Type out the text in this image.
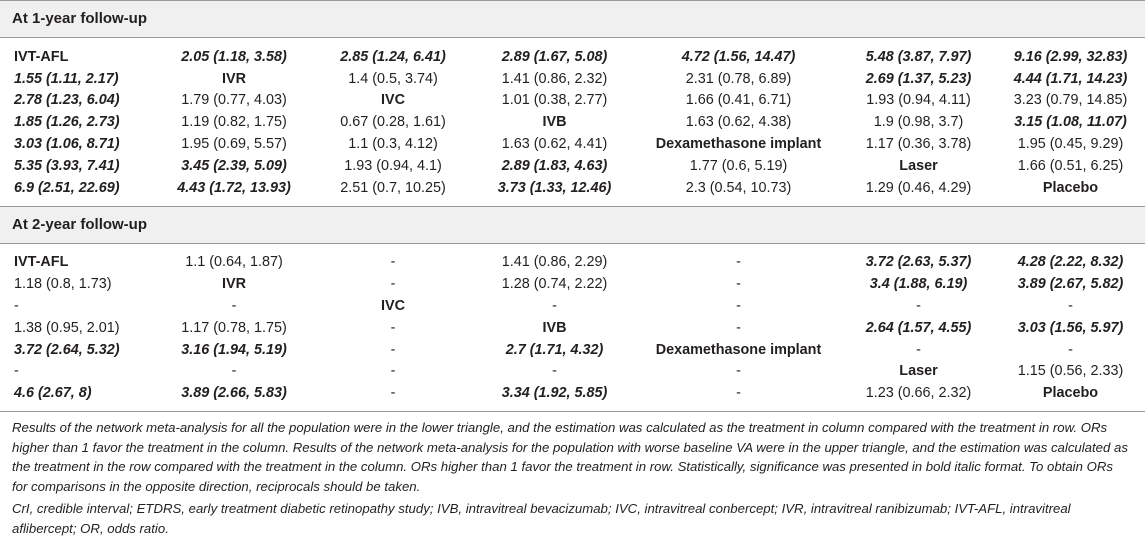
At 1-year follow-up
IVT-AFL	2.05 (1.18, 3.58)	2.85 (1.24, 6.41)	2.89 (1.67, 5.08)	4.72 (1.56, 14.47)	5.48 (3.87, 7.97)	9.16 (2.99, 32.83)
1.55 (1.11, 2.17)	IVR	1.4 (0.5, 3.74)	1.41 (0.86, 2.32)	2.31 (0.78, 6.89)	2.69 (1.37, 5.23)	4.44 (1.71, 14.23)
2.78 (1.23, 6.04)	1.79 (0.77, 4.03)	IVC	1.01 (0.38, 2.77)	1.66 (0.41, 6.71)	1.93 (0.94, 4.11)	3.23 (0.79, 14.85)
1.85 (1.26, 2.73)	1.19 (0.82, 1.75)	0.67 (0.28, 1.61)	IVB	1.63 (0.62, 4.38)	1.9 (0.98, 3.7)	3.15 (1.08, 11.07)
3.03 (1.06, 8.71)	1.95 (0.69, 5.57)	1.1 (0.3, 4.12)	1.63 (0.62, 4.41)	Dexamethasone implant	1.17 (0.36, 3.78)	1.95 (0.45, 9.29)
5.35 (3.93, 7.41)	3.45 (2.39, 5.09)	1.93 (0.94, 4.1)	2.89 (1.83, 4.63)	1.77 (0.6, 5.19)	Laser	1.66 (0.51, 6.25)
6.9 (2.51, 22.69)	4.43 (1.72, 13.93)	2.51 (0.7, 10.25)	3.73 (1.33, 12.46)	2.3 (0.54, 10.73)	1.29 (0.46, 4.29)	Placebo
At 2-year follow-up
IVT-AFL	1.1 (0.64, 1.87)	-	1.41 (0.86, 2.29)	-	3.72 (2.63, 5.37)	4.28 (2.22, 8.32)
1.18 (0.8, 1.73)	IVR	-	1.28 (0.74, 2.22)	-	3.4 (1.88, 6.19)	3.89 (2.67, 5.82)
-	-	IVC	-	-	-	-
1.38 (0.95, 2.01)	1.17 (0.78, 1.75)	-	IVB	-	2.64 (1.57, 4.55)	3.03 (1.56, 5.97)
3.72 (2.64, 5.32)	3.16 (1.94, 5.19)	-	2.7 (1.71, 4.32)	Dexamethasone implant	-	-
-	-	-	-	-	Laser	1.15 (0.56, 2.33)
4.6 (2.67, 8)	3.89 (2.66, 5.83)	-	3.34 (1.92, 5.85)	-	1.23 (0.66, 2.32)	Placebo

Results of the network meta-analysis for all the population were in the lower triangle, and the estimation was calculated as the treatment in column compared with the treatment in row. ORs higher than 1 favor the treatment in the column. Results of the network meta-analysis for the population with worse baseline VA were in the upper triangle, and the estimation was calculated as the treatment in the row compared with the treatment in the column. ORs higher than 1 favor the treatment in row. Statistically, significance was presented in bold italic format. To obtain ORs for comparisons in the opposite direction, reciprocals should be taken.

CrI, credible interval; ETDRS, early treatment diabetic retinopathy study; IVB, intravitreal bevacizumab; IVC, intravitreal conbercept; IVR, intravitreal ranibizumab; IVT-AFL, intravitreal aflibercept; OR, odds ratio.
